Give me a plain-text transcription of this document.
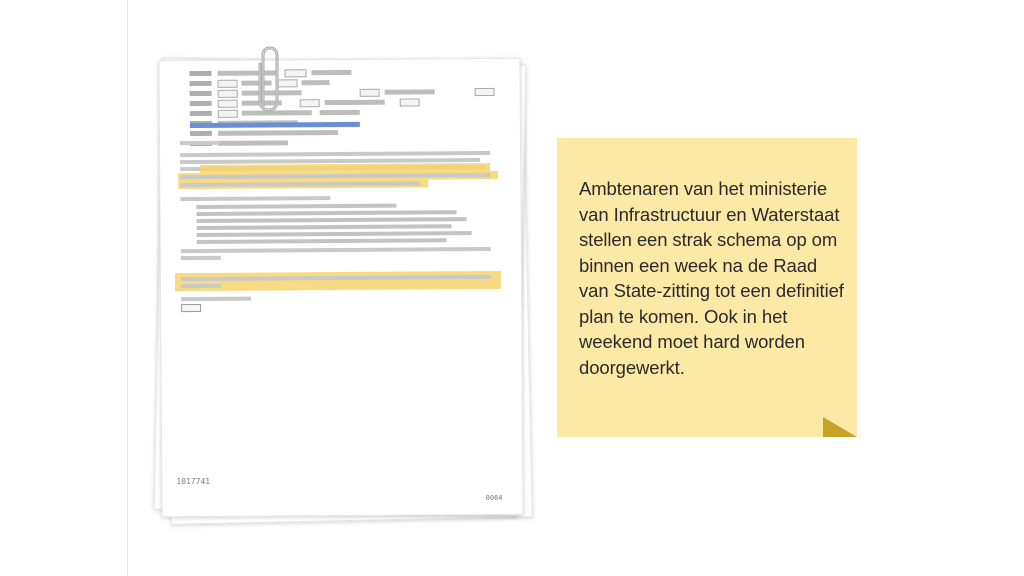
1017741
0064
Ambtenaren van het ministerie van Infrastructuur en Waterstaat stellen een strak schema op om binnen een week na de Raad van State-zitting tot een definitief plan te komen. Ook in het weekend moet hard worden doorgewerkt.
